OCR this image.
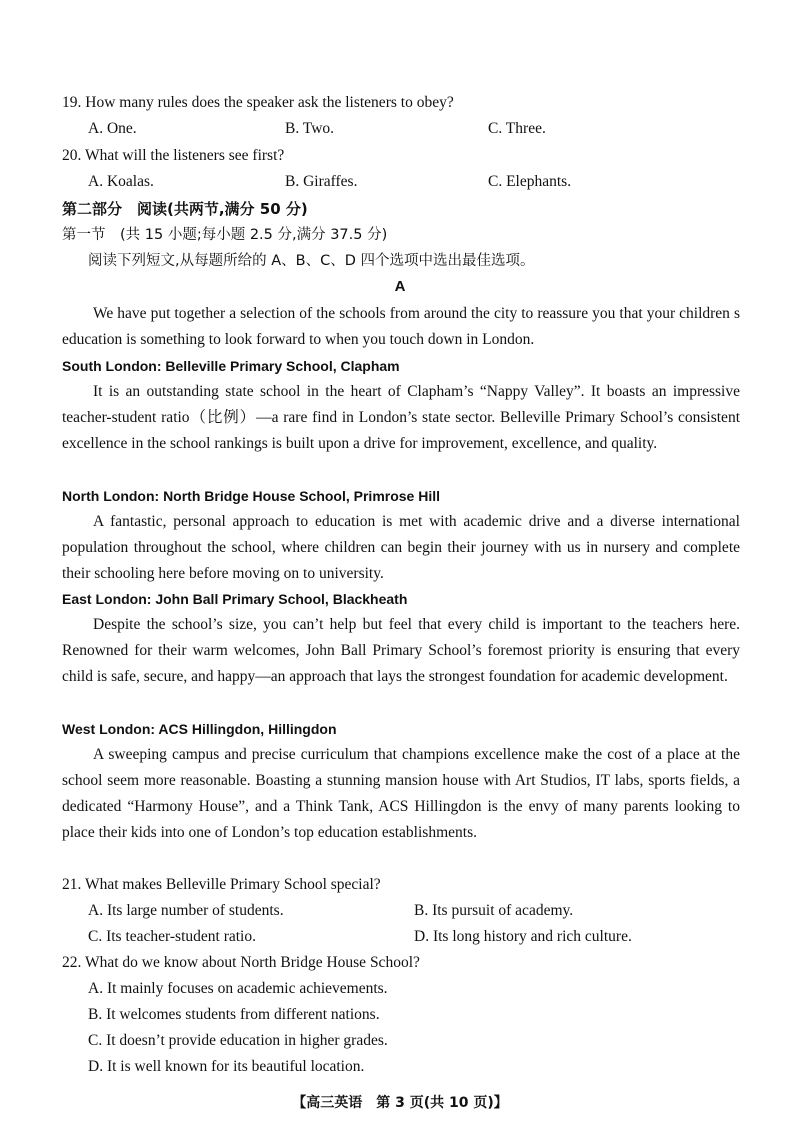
19. How many rules does the speaker ask the listeners to obey?
A. One.	B. Two.	C. Three.
20. What will the listeners see first?
A. Koalas.	B. Giraffes.	C. Elephants.
第二部分　阅读(共两节,满分 50 分)
第一节　(共 15 小题;每小题 2.5 分,满分 37.5 分)
阅读下列短文,从每题所给的 A、B、C、D 四个选项中选出最佳选项。
A
We have put together a selection of the schools from around the city to reassure you that your children s education is something to look forward to when you touch down in London.
South London: Belleville Primary School, Clapham
It is an outstanding state school in the heart of Clapham’s “Nappy Valley”. It boasts an impressive teacher-student ratio（比例）—a rare find in London’s state sector. Belleville Primary School’s consistent excellence in the school rankings is built upon a drive for improvement, excellence, and quality.
North London: North Bridge House School, Primrose Hill
A fantastic, personal approach to education is met with academic drive and a diverse international population throughout the school, where children can begin their journey with us in nursery and complete their schooling here before moving on to university.
East London: John Ball Primary School, Blackheath
Despite the school’s size, you can’t help but feel that every child is important to the teachers here. Renowned for their warm welcomes, John Ball Primary School’s foremost priority is ensuring that every child is safe, secure, and happy—an approach that lays the strongest foundation for academic development.
West London: ACS Hillingdon, Hillingdon
A sweeping campus and precise curriculum that champions excellence make the cost of a place at the school seem more reasonable. Boasting a stunning mansion house with Art Studios, IT labs, sports fields, a dedicated “Harmony House”, and a Think Tank, ACS Hillingdon is the envy of many parents looking to place their kids into one of London’s top education establishments.
21. What makes Belleville Primary School special?
A. Its large number of students.	B. Its pursuit of academy.
C. Its teacher-student ratio.	D. Its long history and rich culture.
22. What do we know about North Bridge House School?
A. It mainly focuses on academic achievements.
B. It welcomes students from different nations.
C. It doesn’t provide education in higher grades.
D. It is well known for its beautiful location.
【高三英语　第 3 页(共 10 页)】
